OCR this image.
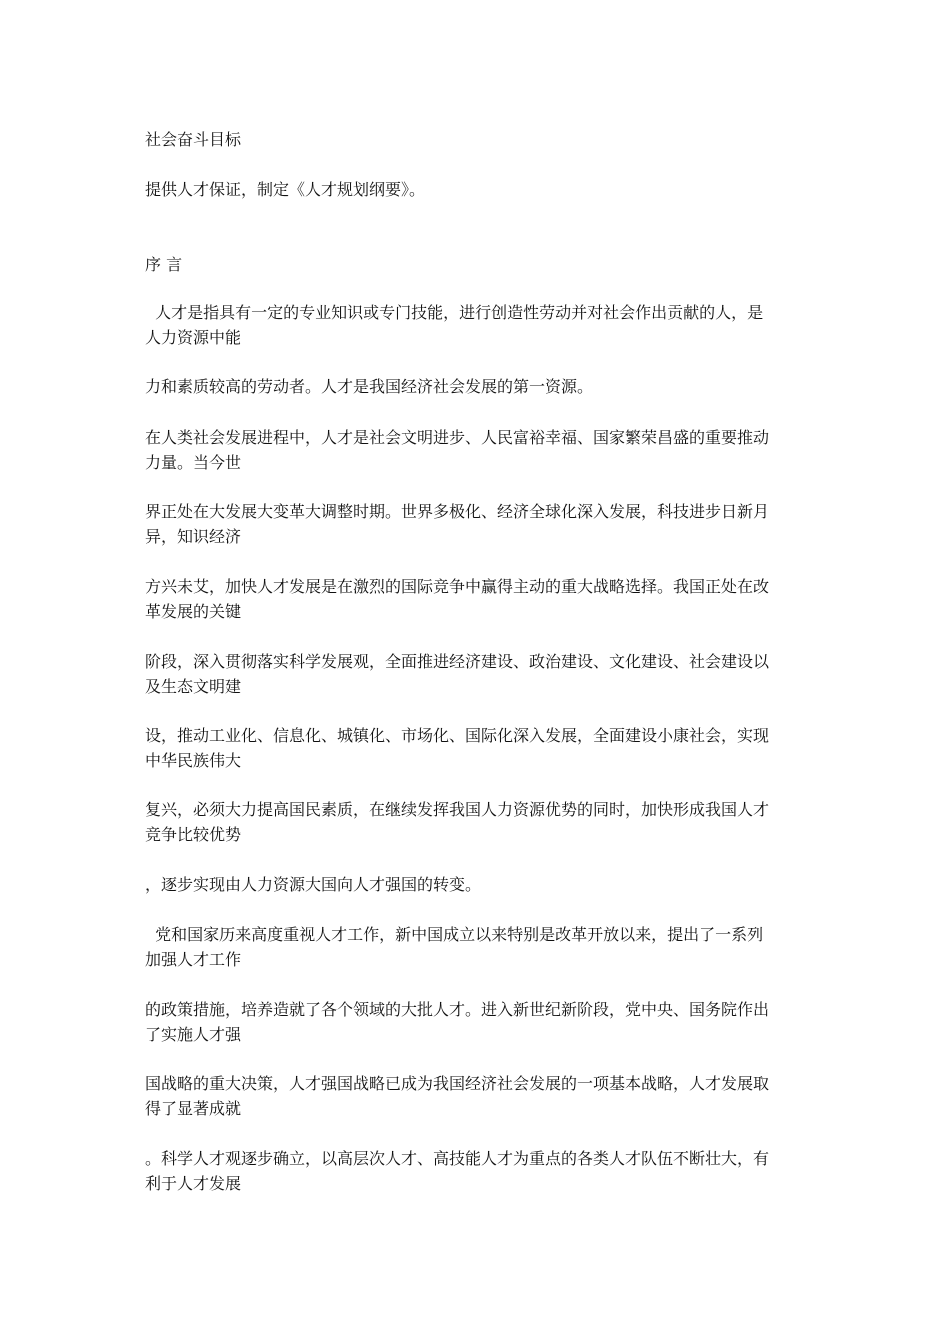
社会奋斗目标
提供人才保证，制定《人才规划纲要》。
序 言
人才是指具有一定的专业知识或专门技能，进行创造性劳动并对社会作出贡献的人，是
人力资源中能
力和素质较高的劳动者。人才是我国经济社会发展的第一资源。
在人类社会发展进程中，人才是社会文明进步、人民富裕幸福、国家繁荣昌盛的重要推动
力量。当今世
界正处在大发展大变革大调整时期。世界多极化、经济全球化深入发展，科技进步日新月
异，知识经济
方兴未艾，加快人才发展是在激烈的国际竞争中赢得主动的重大战略选择。我国正处在改
革发展的关键
阶段，深入贯彻落实科学发展观，全面推进经济建设、政治建设、文化建设、社会建设以
及生态文明建
设，推动工业化、信息化、城镇化、市场化、国际化深入发展，全面建设小康社会，实现
中华民族伟大
复兴，必须大力提高国民素质，在继续发挥我国人力资源优势的同时，加快形成我国人才
竞争比较优势
，逐步实现由人力资源大国向人才强国的转变。
党和国家历来高度重视人才工作，新中国成立以来特别是改革开放以来，提出了一系列
加强人才工作
的政策措施，培养造就了各个领域的大批人才。进入新世纪新阶段，党中央、国务院作出
了实施人才强
国战略的重大决策，人才强国战略已成为我国经济社会发展的一项基本战略，人才发展取
得了显著成就
。科学人才观逐步确立，以高层次人才、高技能人才为重点的各类人才队伍不断壮大，有
利于人才发展
